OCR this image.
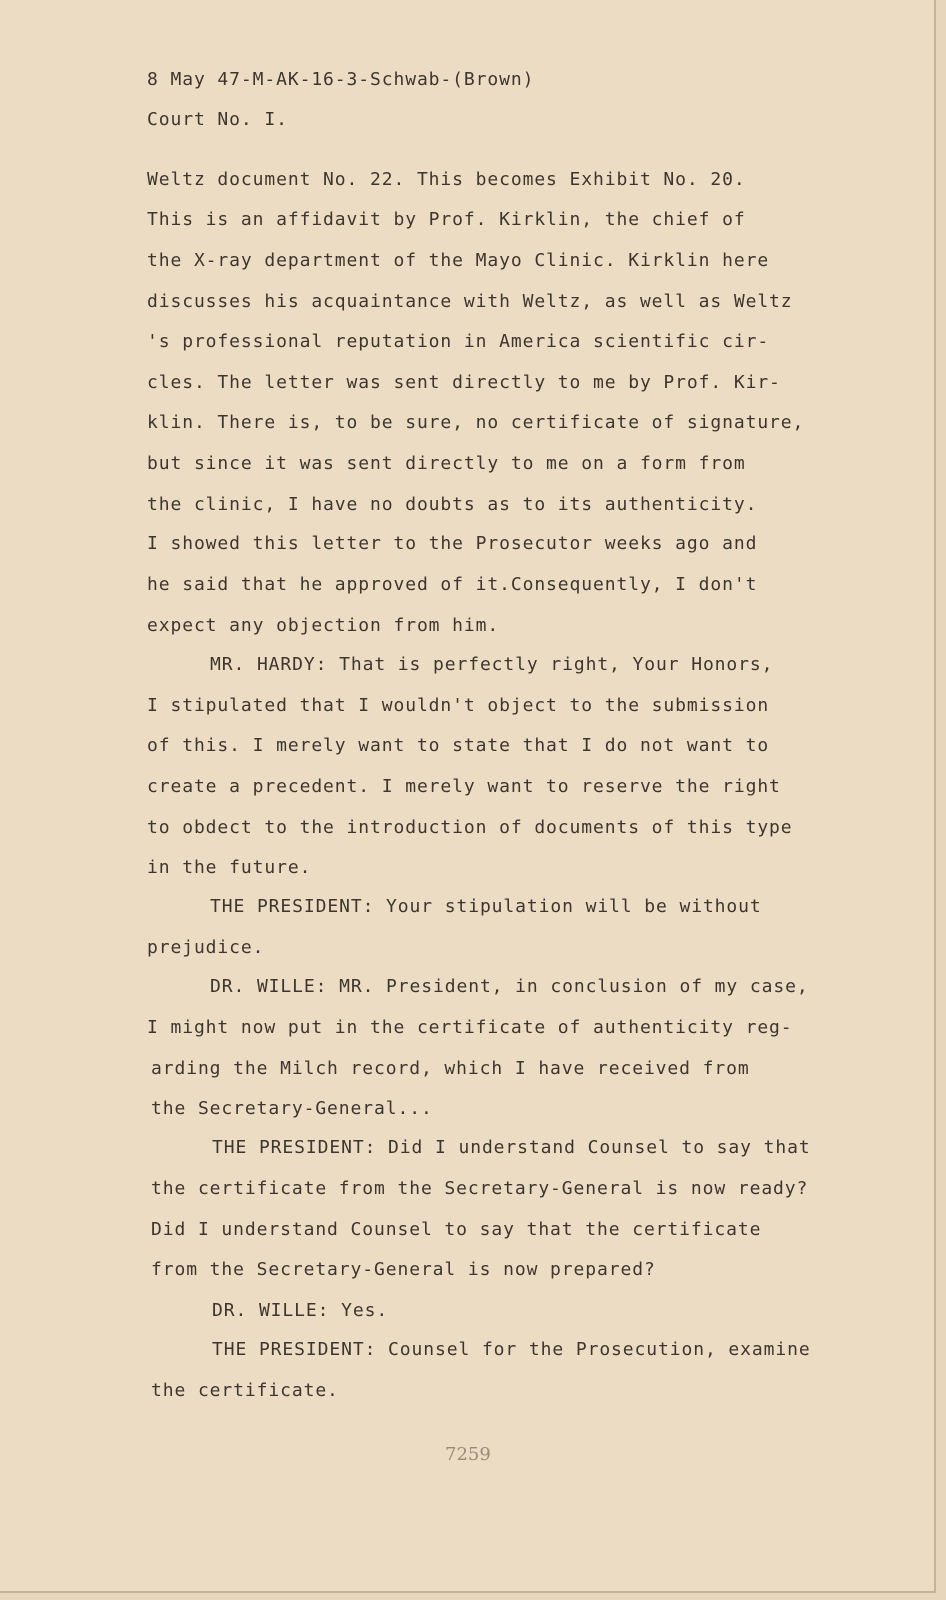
8 May 47-M-AK-16-3-Schwab-(Brown)
Court No. I.
Weltz document No. 22. This becomes Exhibit No. 20.
This is an affidavit by Prof. Kirklin, the chief of
the X-ray department of the Mayo Clinic. Kirklin here
discusses his acquaintance with Weltz, as well as Weltz
's professional reputation in America scientific cir-
cles. The letter was sent directly to me by Prof. Kir-
klin. There is, to be sure, no certificate of signature,
but since it was sent directly to me on a form from
the clinic, I have no doubts as to its authenticity.
I showed this letter to the Prosecutor weeks ago and
he said that he approved of it.Consequently, I don't
expect any objection from him.
MR. HARDY: That is perfectly right, Your Honors,
I stipulated that I wouldn't object to the submission
of this. I merely want to state that I do not want to
create a precedent. I merely want to reserve the right
to obdect to the introduction of documents of this type
in the future.
THE PRESIDENT: Your stipulation will be without
prejudice.
DR. WILLE: MR. President, in conclusion of my case,
I might now put in the certificate of authenticity reg-
arding the Milch record, which I have received from
the Secretary-General...
THE PRESIDENT: Did I understand Counsel to say that
the certificate from the Secretary-General is now ready?
Did I understand Counsel to say that the certificate
from the Secretary-General is now prepared?
DR. WILLE: Yes.
THE PRESIDENT: Counsel for the Prosecution, examine
the certificate.
7259
